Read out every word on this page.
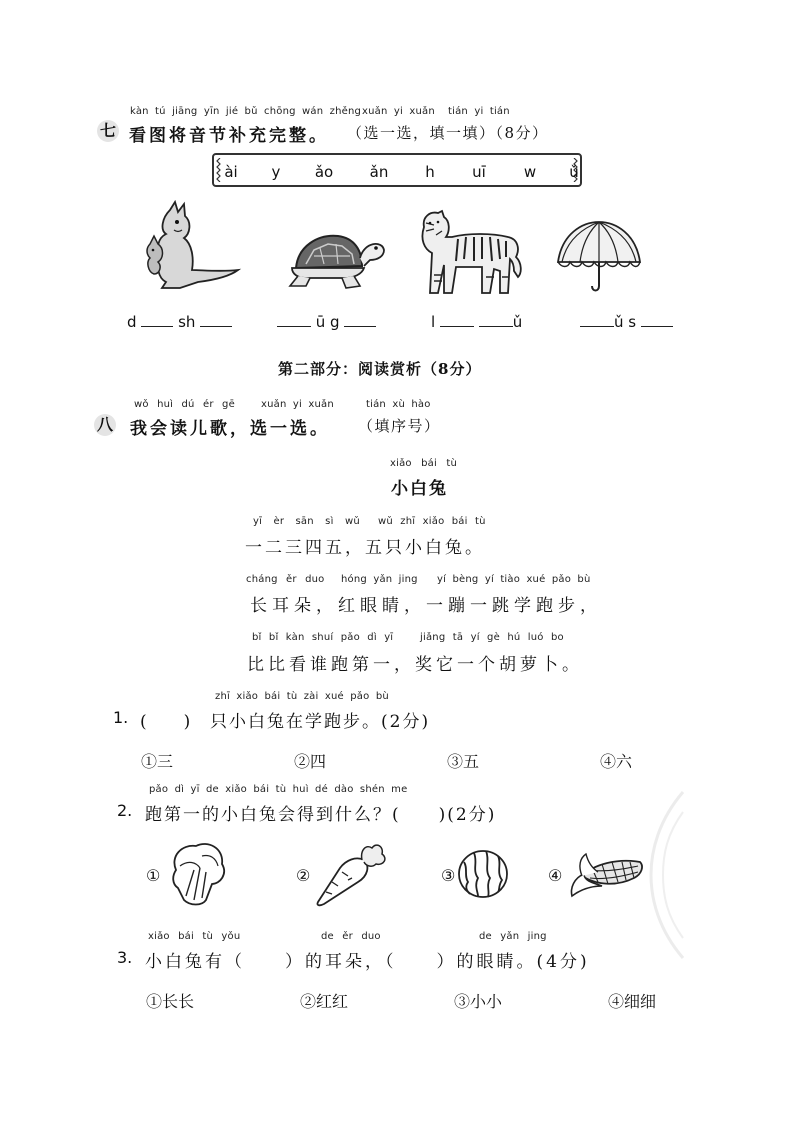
kàn tú jiāng yīn jié bǔ chōng wán zhěng xuǎn yi xuǎn tián yi tián
七 看图将音节补充完整。 （选一选，填一填）（8分）
ài y ǎo ǎn h uī	w ǔ
d	sh	ū g	l	ǔ	ǔ s
第二部分：阅读赏析（8分）
wǒ huì dú ér gē	xuǎn yi xuǎn	tián xù hào
八 我会读儿歌，选一选。 （填序号）
xiǎo bái tù
小白兔
yī èr sān sì wǔ wǔ zhī xiǎo bái tù
一二三四五，五只小白兔。
cháng ěr duo hóng yǎn jing yí bèng yí tiào xué pǎo bù
长耳朵，红眼睛，一蹦一跳学跑步，
bǐ bǐ kàn shuí pǎo dì yī	jiǎng tā yí gè hú luó bo
比比看谁跑第一，奖它一个胡萝卜。
zhī xiǎo bái tù zài xué pǎo bù
1. (　　) 只小白兔在学跑步。(2分)
①三	②四	③五	④六
pǎo dì yī de xiǎo bái tù huì dé dào shén me
2. 跑第一的小白兔会得到什么？(　　)(2分)
①	②	③	④
xiǎo bái tù yǒu	de ěr duo	de yǎn jing
3. 小白兔有（　　）的耳朵，（　　）的眼睛。(4分)
①长长	②红红	③小小	④细细
